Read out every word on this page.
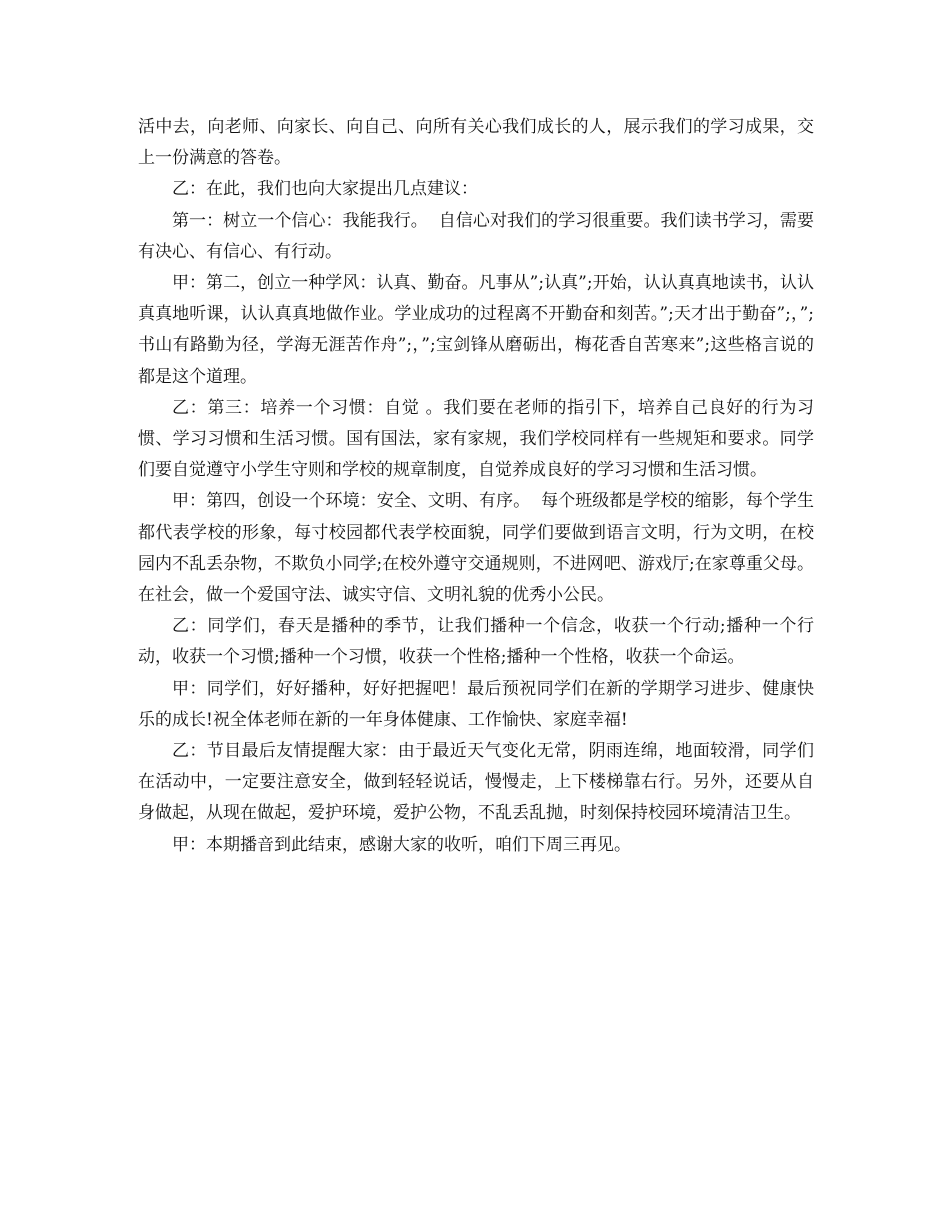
活中去，向老师、向家长、向自己、向所有关心我们成长的人，展示我们的学习成果，交上一份满意的答卷。

乙：在此，我们也向大家提出几点建议：

第一：树立一个信心：我能我行。  自信心对我们的学习很重要。我们读书学习，需要有决心、有信心、有行动。

甲：第二，创立一种学风：认真、勤奋。凡事从”;认真”;开始，认认真真地读书，认认真真地听课，认认真真地做作业。学业成功的过程离不开勤奋和刻苦。”;天才出于勤奋”;，”;书山有路勤为径，学海无涯苦作舟”;，”;宝剑锋从磨砺出，梅花香自苦寒来”;这些格言说的都是这个道理。

乙：第三：培养一个习惯：自觉 。我们要在老师的指引下，培养自己良好的行为习惯、学习习惯和生活习惯。国有国法，家有家规，我们学校同样有一些规矩和要求。同学们要自觉遵守小学生守则和学校的规章制度，自觉养成良好的学习习惯和生活习惯。

甲：第四，创设一个环境：安全、文明、有序。  每个班级都是学校的缩影，每个学生都代表学校的形象，每寸校园都代表学校面貌，同学们要做到语言文明，行为文明，在校园内不乱丢杂物，不欺负小同学;在校外遵守交通规则，不进网吧、游戏厅;在家尊重父母。在社会，做一个爱国守法、诚实守信、文明礼貌的优秀小公民。

乙：同学们，春天是播种的季节，让我们播种一个信念，收获一个行动;播种一个行动，收获一个习惯;播种一个习惯，收获一个性格;播种一个性格，收获一个命运。

甲：同学们，好好播种，好好把握吧！最后预祝同学们在新的学期学习进步、健康快乐的成长!祝全体老师在新的一年身体健康、工作愉快、家庭幸福!

乙：节目最后友情提醒大家：由于最近天气变化无常，阴雨连绵，地面较滑，同学们在活动中，一定要注意安全，做到轻轻说话，慢慢走，上下楼梯靠右行。另外，还要从自身做起，从现在做起，爱护环境，爱护公物，不乱丢乱抛，时刻保持校园环境清洁卫生。

甲：本期播音到此结束，感谢大家的收听，咱们下周三再见。
